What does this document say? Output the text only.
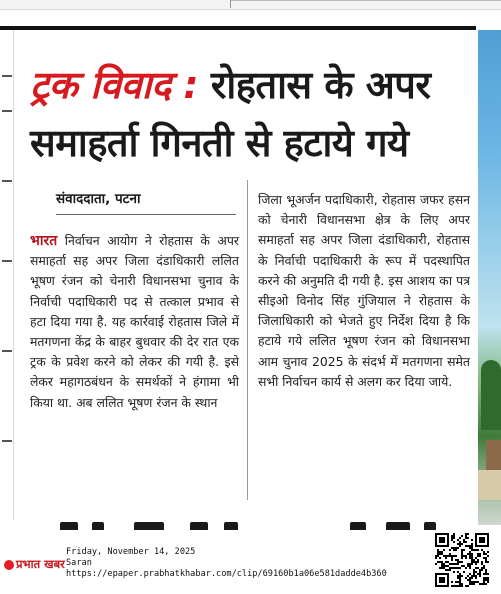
ट्रक विवाद : रोहतास के अपर
समाहर्ता गिनती से हटाये गये
संवाददाता, पटना
भारत निर्वाचन आयोग ने रोहतास के अपर समाहर्ता सह अपर जिला दंडाधिकारी ललित भूषण रंजन को चेनारी विधानसभा चुनाव के निर्वाची पदाधिकारी पद से तत्काल प्रभाव से हटा दिया गया है. यह कार्रवाई रोहतास जिले में मतगणना केंद्र के बाहर बुधवार की देर रात एक ट्रक के प्रवेश करने को लेकर की गयी है. इसे लेकर महागठबंधन के समर्थकों ने हंगामा भी किया था. अब ललित भूषण रंजन के स्थान
जिला भूअर्जन पदाधिकारी, रोहतास जफर हसन को चेनारी विधानसभा क्षेत्र के लिए अपर समाहर्ता सह अपर जिला दंडाधिकारी, रोहतास के निर्वाची पदाधिकारी के रूप में पदस्थापित करने की अनुमति दी गयी है. इस आशय का पत्र सीइओ विनोद सिंह गुंजियाल ने रोहतास के जिलाधिकारी को भेजते हुए निर्देश दिया है कि हटाये गये ललित भूषण रंजन को विधानसभा आम चुनाव 2025 के संदर्भ में मतगणना समेत सभी निर्वाचन कार्य से अलग कर दिया जाये.
प्रभात खबर
Friday, November 14, 2025
Saran
https://epaper.prabhatkhabar.com/clip/69160b1a06e581dadde4b360
